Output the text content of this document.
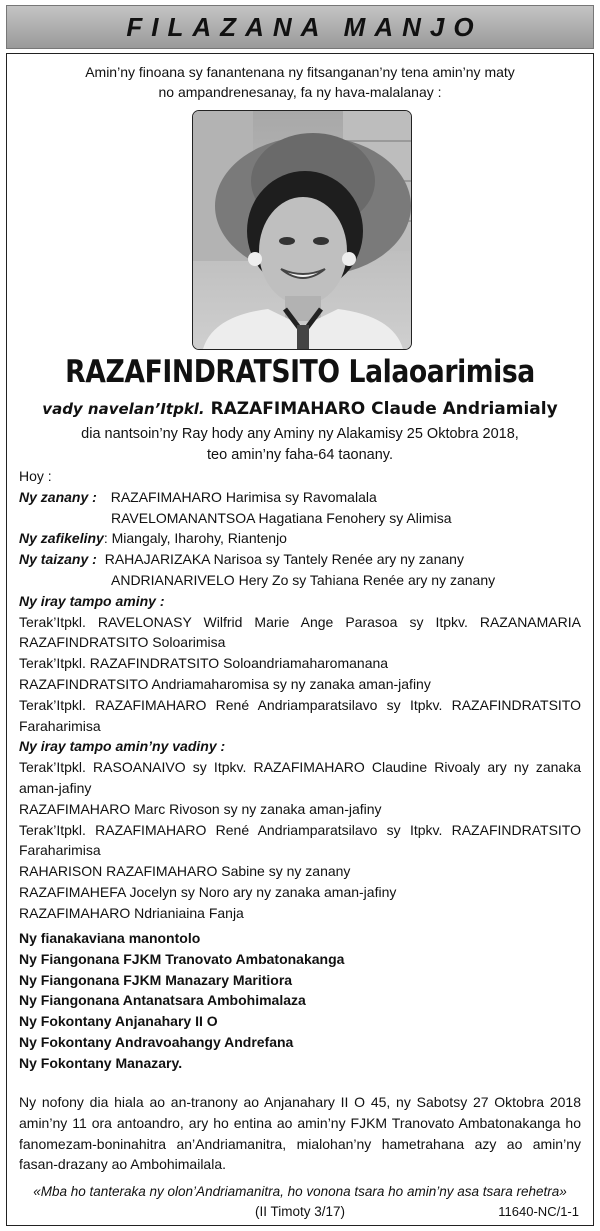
FILAZANA MANJO
Amin’ny finoana sy fanantenana ny fitsanganan’ny tena amin’ny maty
no ampandrenesanay, fa ny hava-malalanay :
RAZAFINDRATSITO Lalaoarimisa
vady navelan’Itpkl. RAZAFIMAHARO Claude Andriamialy
dia nantsoin’ny Ray hody any Aminy ny Alakamisy 25 Oktobra 2018,
teo amin’ny faha-64 taonany.
Hoy :
Ny zanany : RAZAFIMAHARO Harimisa sy Ravomalala
RAVELOMANANTSOA Hagatiana Fenohery sy Alimisa
Ny zafikeliny: Miangaly, Iharohy, Riantenjo
Ny taizany : RAHAJARIZAKA Narisoa sy Tantely Renée ary ny zanany
ANDRIANARIVELO Hery Zo sy Tahiana Renée ary ny zanany
Ny iray tampo aminy :
Terak’Itpkl. RAVELONASY Wilfrid Marie Ange Parasoa sy Itpkv. RAZANAMARIA
RAZAFINDRATSITO Soloarimisa
Terak’Itpkl. RAZAFINDRATSITO Soloandriamaharomanana
RAZAFINDRATSITO Andriamaharomisa sy ny zanaka aman-jafiny
Terak’Itpkl. RAZAFIMAHARO René Andriamparatsilavo sy Itpkv. RAZAFINDRATSITO
Faraharimisa
Ny iray tampo amin’ny vadiny :
Terak’Itpkl. RASOANAIVO sy Itpkv. RAZAFIMAHARO Claudine Rivoaly ary ny zanaka
aman-jafiny
RAZAFIMAHARO Marc Rivoson sy ny zanaka aman-jafiny
Terak’Itpkl. RAZAFIMAHARO René Andriamparatsilavo sy Itpkv. RAZAFINDRATSITO
Faraharimisa
RAHARISON RAZAFIMAHARO Sabine sy ny zanany
RAZAFIMAHEFA Jocelyn sy Noro ary ny zanaka aman-jafiny
RAZAFIMAHARO Ndrianiaina Fanja
Ny fianakaviana manontolo
Ny Fiangonana FJKM Tranovato Ambatonakanga
Ny Fiangonana FJKM Manazary Maritiora
Ny Fiangonana Antanatsara Ambohimalaza
Ny Fokontany Anjanahary II O
Ny Fokontany Andravoahangy Andrefana
Ny Fokontany Manazary.
Ny nofony dia hiala ao an-tranony ao Anjanahary II O 45, ny Sabotsy 27 Oktobra 2018
amin’ny 11 ora antoandro, ary ho entina ao amin’ny FJKM Tranovato Ambatonakanga ho
fanomezam-boninahitra an’Andriamanitra, mialohan’ny hametrahana azy ao amin’ny
fasan-drazany ao Ambohimailala.
«Mba ho tanteraka ny olon’Andriamanitra, ho vonona tsara ho amin’ny asa tsara rehetra»
(II Timoty 3/17)	11640-NC/1-1
